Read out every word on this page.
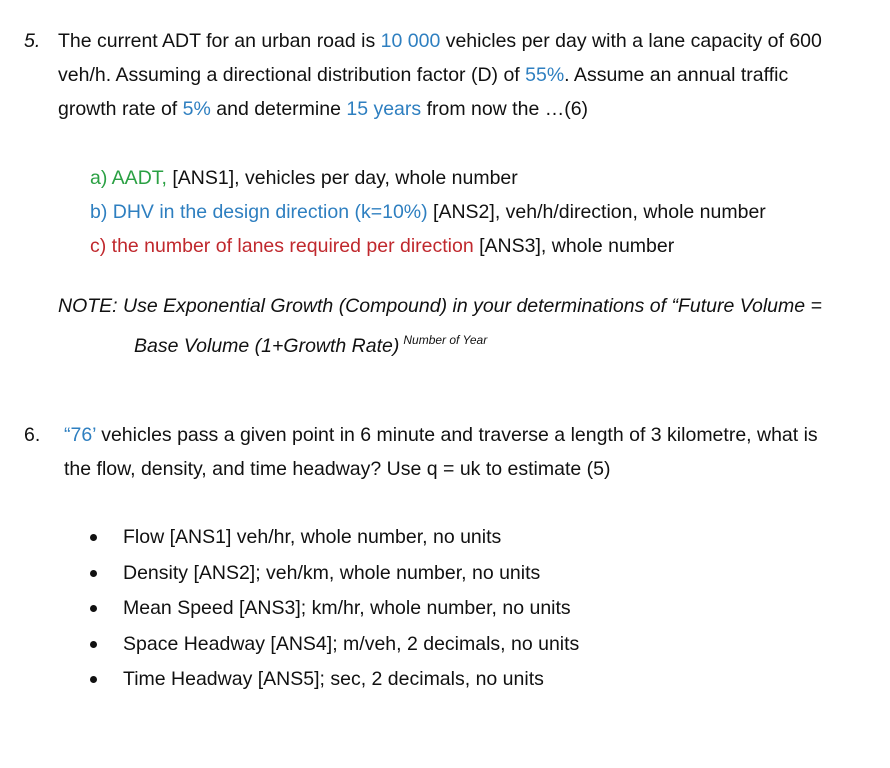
5. The current ADT for an urban road is 10 000 vehicles per day with a lane capacity of 600
veh/h. Assuming a directional distribution factor (D) of 55%. Assume an annual traffic
growth rate of 5% and determine 15 years from now the …(6)
a) AADT, [ANS1], vehicles per day, whole number
b) DHV in the design direction (k=10%) [ANS2], veh/h/direction, whole number
c) the number of lanes required per direction [ANS3], whole number
NOTE: Use Exponential Growth (Compound) in your determinations of “Future Volume =
Base Volume (1+Growth Rate) $^{Number of Year}$
6. “76’ vehicles pass a given point in 6 minute and traverse a length of 3 kilometre, what is
the flow, density, and time headway? Use q = uk to estimate (5)
Flow [ANS1] veh/hr, whole number, no units
Density [ANS2]; veh/km, whole number, no units
Mean Speed [ANS3]; km/hr, whole number, no units
Space Headway [ANS4]; m/veh, 2 decimals, no units
Time Headway [ANS5]; sec, 2 decimals, no units
